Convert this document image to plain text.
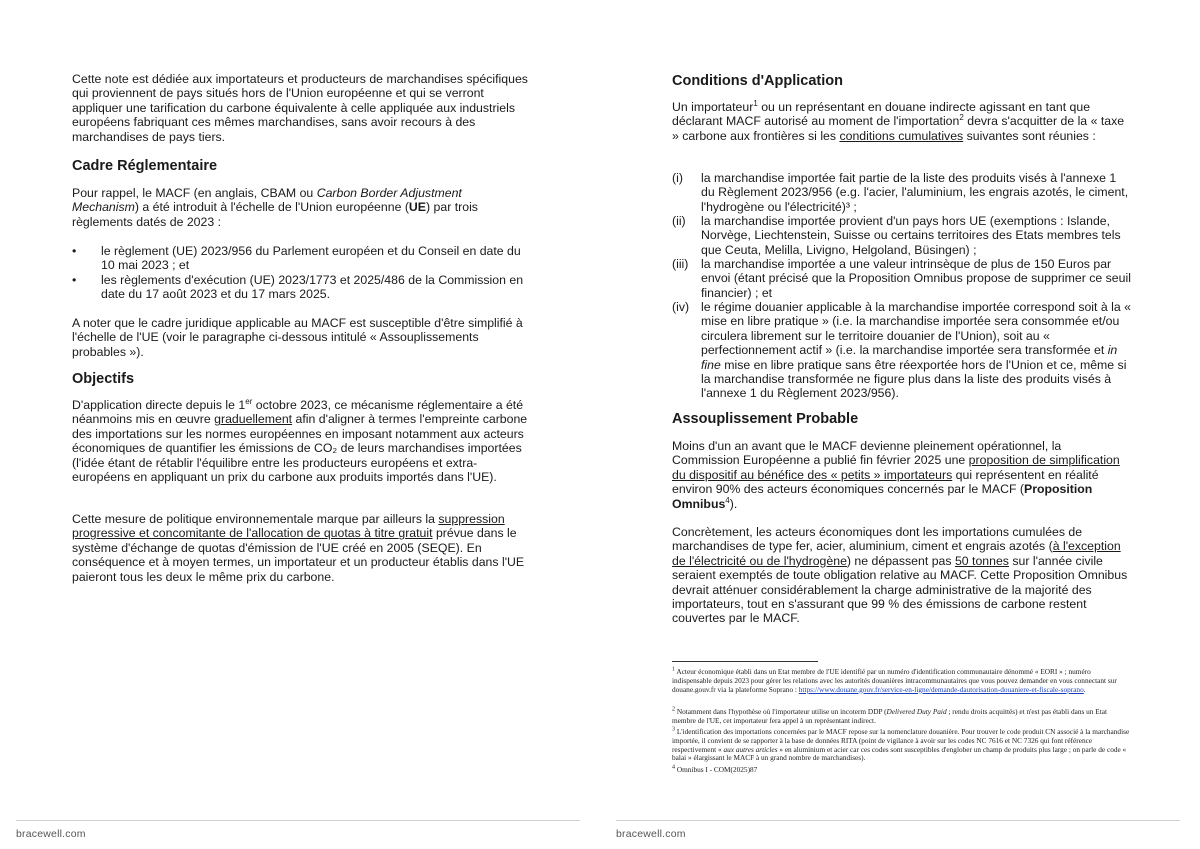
Cette note est dédiée aux importateurs et producteurs de marchandises spécifiques qui proviennent de pays situés hors de l'Union européenne et qui se verront appliquer une tarification du carbone équivalente à celle appliquée aux industriels européens fabriquant ces mêmes marchandises, sans avoir recours à des marchandises de pays tiers.

Cadre Réglementaire

Pour rappel, le MACF (en anglais, CBAM ou Carbon Border Adjustment Mechanism) a été introduit à l'échelle de l'Union européenne (UE) par trois règlements datés de 2023 :

• le règlement (UE) 2023/956 du Parlement européen et du Conseil en date du 10 mai 2023 ; et
• les règlements d'exécution (UE) 2023/1773 et 2025/486 de la Commission en date du 17 août 2023 et du 17 mars 2025.

A noter que le cadre juridique applicable au MACF est susceptible d'être simplifié à l'échelle de l'UE (voir le paragraphe ci-dessous intitulé « Assouplissements probables »).

Objectifs

D'application directe depuis le 1er octobre 2023, ce mécanisme réglementaire a été néanmoins mis en œuvre graduellement afin d'aligner à termes l'empreinte carbone des importations sur les normes européennes en imposant notamment aux acteurs économiques de quantifier les émissions de CO₂ de leurs marchandises importées (l'idée étant de rétablir l'équilibre entre les producteurs européens et extra-européens en appliquant un prix du carbone aux produits importés dans l'UE).

Cette mesure de politique environnementale marque par ailleurs la suppression progressive et concomitante de l'allocation de quotas à titre gratuit prévue dans le système d'échange de quotas d'émission de l'UE créé en 2005 (SEQE). En conséquence et à moyen termes, un importateur et un producteur établis dans l'UE paieront tous les deux le même prix du carbone.

Conditions d'Application

Un importateur$^1$ ou un représentant en douane indirecte agissant en tant que déclarant MACF autorisé au moment de l'importation$^2$ devra s'acquitter de la « taxe » carbone aux frontières si les conditions cumulatives suivantes sont réunies :

(i) la marchandise importée fait partie de la liste des produits visés à l'annexe 1 du Règlement 2023/956 (e.g. l'acier, l'aluminium, les engrais azotés, le ciment, l'hydrogène ou l'électricité)³ ;
(ii) la marchandise importée provient d'un pays hors UE (exemptions : Islande, Norvège, Liechtenstein, Suisse ou certains territoires des Etats membres tels que Ceuta, Melilla, Livigno, Helgoland, Büsingen) ;
(iii) la marchandise importée a une valeur intrinsèque de plus de 150 Euros par envoi (étant précisé que la Proposition Omnibus propose de supprimer ce seuil financier) ; et
(iv) le régime douanier applicable à la marchandise importée correspond soit à la « mise en libre pratique » (i.e. la marchandise importée sera consommée et/ou circulera librement sur le territoire douanier de l'Union), soit au « perfectionnement actif » (i.e. la marchandise importée sera transformée et in fine mise en libre pratique sans être réexportée hors de l'Union et ce, même si la marchandise transformée ne figure plus dans la liste des produits visés à l'annexe 1 du Règlement 2023/956).
Assouplissement Probable

Moins d'un an avant que le MACF devienne pleinement opérationnel, la Commission Européenne a publié fin février 2025 une proposition de simplification du dispositif au bénéfice des « petits » importateurs qui représentent en réalité environ 90% des acteurs économiques concernés par le MACF (Proposition Omnibus$^4$).

Concrètement, les acteurs économiques dont les importations cumulées de marchandises de type fer, acier, aluminium, ciment et engrais azotés (à l'exception de l'électricité ou de l'hydrogène) ne dépassent pas 50 tonnes sur l'année civile seraient exemptés de toute obligation relative au MACF. Cette Proposition Omnibus devrait atténuer considérablement la charge administrative de la majorité des importateurs, tout en s'assurant que 99 % des émissions de carbone restent couvertes par le MACF.

$^1$ Acteur économique établi dans un Etat membre de l'UE identifié par un numéro d'identification communautaire dénommé « EORI » ; numéro indispensable depuis 2023 pour gérer les relations avec les autorités douanières intracommunautaires que vous pouvez demander en vous connectant sur douane.gouv.fr via la plateforme Soprano : https://www.douane.gouv.fr/service-en-ligne/demande-dautorisation-douaniere-et-fiscale-soprano.

$^2$ Notamment dans l'hypothèse où l'importateur utilise un incoterm DDP (Delivered Duty Paid ; rendu droits acquittés) et n'est pas établi dans un Etat membre de l'UE, cet importateur fera appel à un représentant indirect.

$^3$ L'identification des importations concernées par le MACF repose sur la nomenclature douanière. Pour trouver le code produit CN associé à la marchandise importée, il convient de se rapporter à la base de données RITA (point de vigilance à avoir sur les codes NC 7616 et NC 7326 qui font référence respectivement « aux autres articles » en aluminium et acier car ces codes sont susceptibles d'englober un champ de produits plus large ; on parle de code « balai » élargissant le MACF à un grand nombre de marchandises).

$^4$ Omnibus I - COM(2025)87

bracewell.com	bracewell.com
